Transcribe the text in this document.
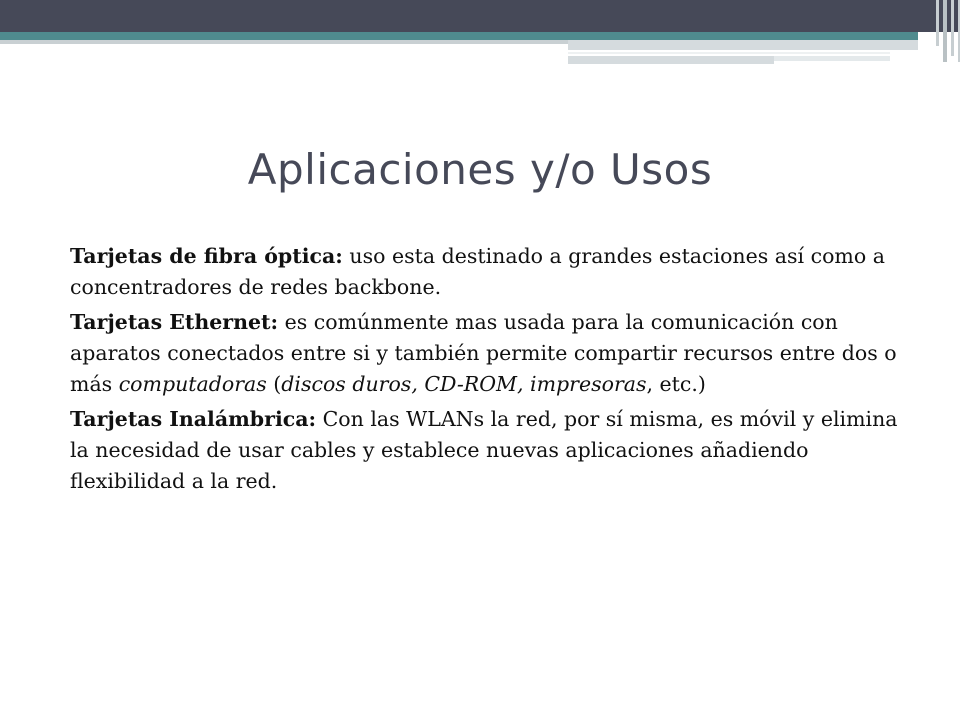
Aplicaciones y/o Usos

Tarjetas de fibra óptica: uso esta destinado a grandes estaciones así como a concentradores de redes backbone.

Tarjetas Ethernet: es comúnmente mas usada para la comunicación con aparatos conectados entre si y también permite compartir recursos entre dos o más computadoras (discos duros, CD-ROM, impresoras, etc.)

Tarjetas Inalámbrica: Con las WLANs la red, por sí misma, es móvil y elimina la necesidad de usar cables y establece nuevas aplicaciones añadiendo flexibilidad a la red.
